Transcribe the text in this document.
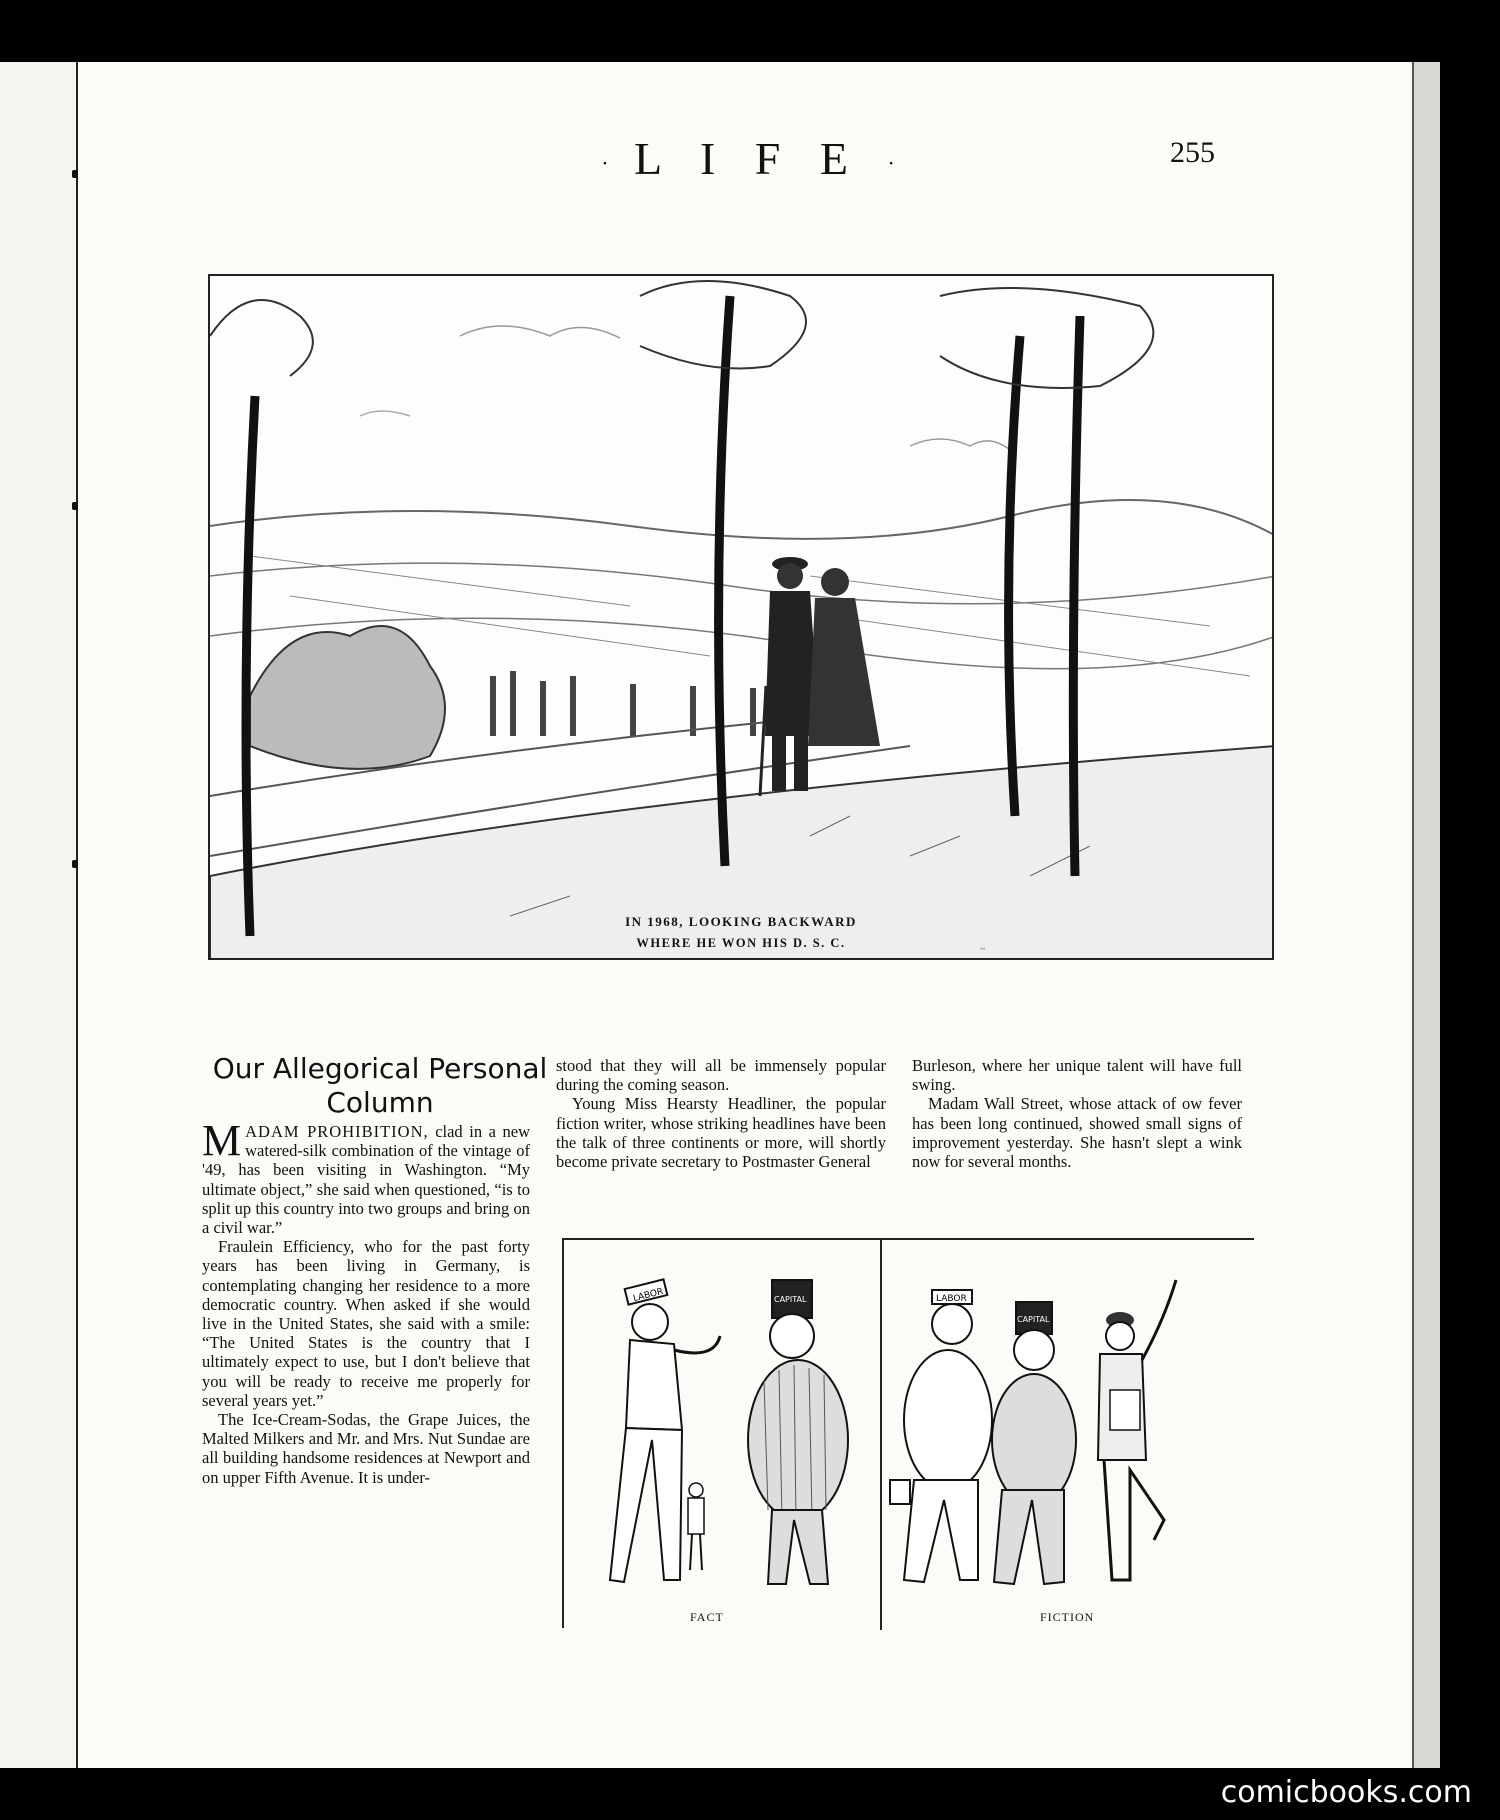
· L I F E ·	255
~
IN 1968, LOOKING BACKWARD
WHERE HE WON HIS D. S. C.
Our Allegorical Personal Column

M ADAM PROHIBITION, clad in a new watered-silk combination of the vintage of '49, has been visiting in Washington. “My ultimate object,” she said when questioned, “is to split up this country into two groups and bring on a civil war.”

Fraulein Efficiency, who for the past forty years has been living in Germany, is contemplating changing her residence to a more democratic country. When asked if she would live in the United States, she said with a smile: “The United States is the country that I ultimately expect to use, but I don't believe that you will be ready to receive me properly for several years yet.”

The Ice-Cream-Sodas, the Grape Juices, the Malted Milkers and Mr. and Mrs. Nut Sundae are all building handsome residences at Newport and on upper Fifth Avenue. It is under-

stood that they will all be immensely popular during the coming season.

Young Miss Hearsty Headliner, the popular fiction writer, whose striking headlines have been the talk of three continents or more, will shortly become private secretary to Postmaster General

Burleson, where her unique talent will have full swing.

Madam Wall Street, whose attack of ow fever has been long continued, showed small signs of improvement yesterday. She hasn't slept a wink now for several months.

LABOR	CAPITAL	LABOR
CAPITAL
FACT	FICTION
comicbooks.com
